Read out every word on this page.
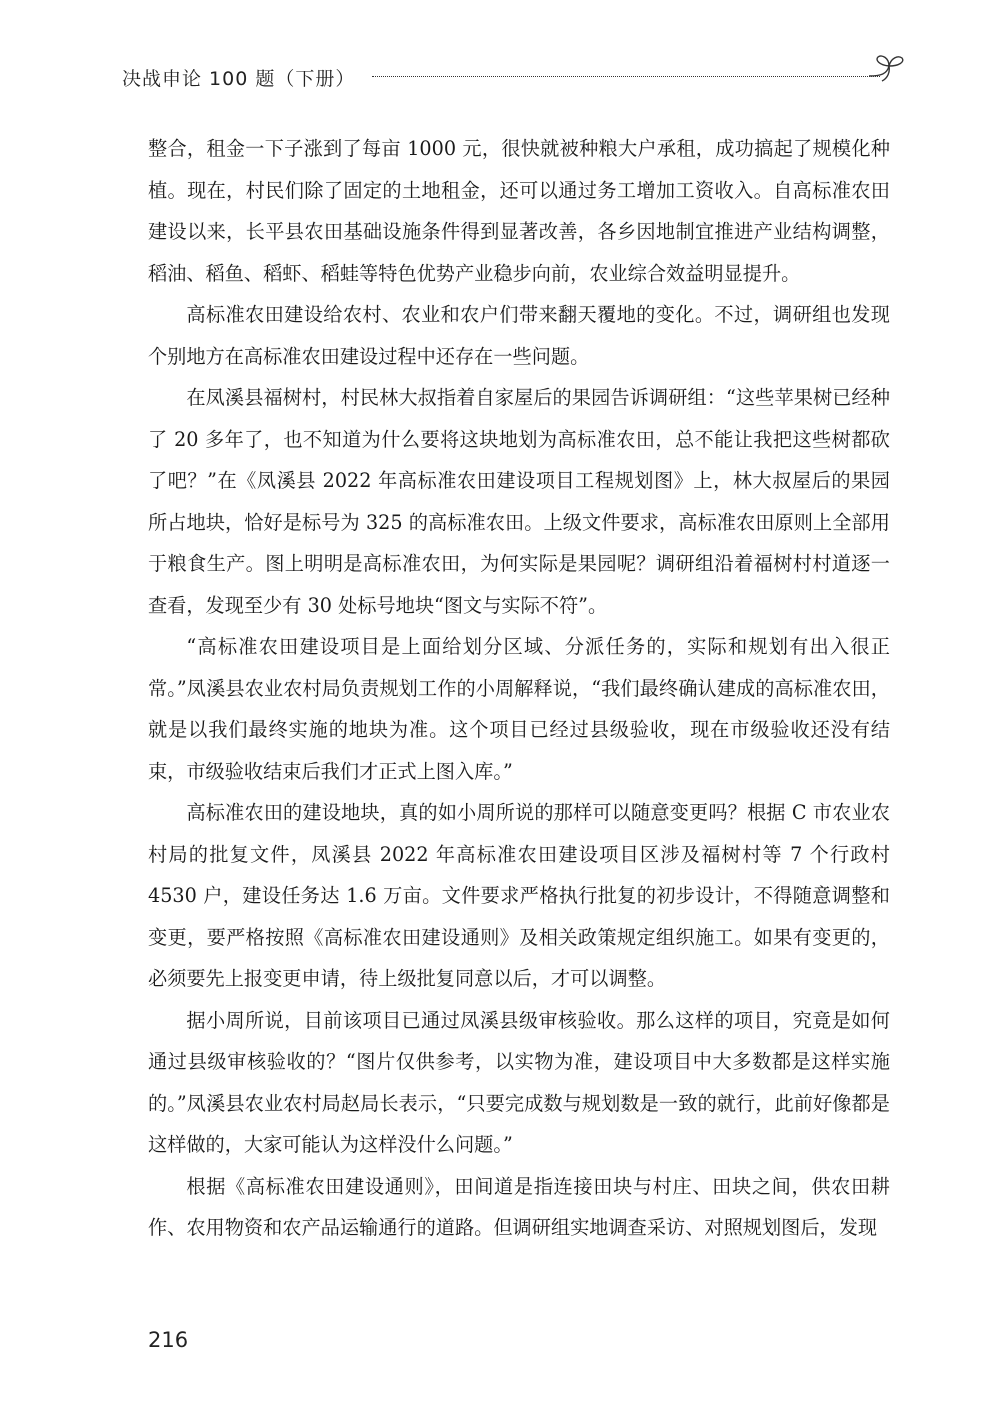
决战申论 100 题（下册）

整合，租金一下子涨到了每亩 1000 元，很快就被种粮大户承租，成功搞起了规模化种植。现在，村民们除了固定的土地租金，还可以通过务工增加工资收入。自高标准农田建设以来，长平县农田基础设施条件得到显著改善，各乡因地制宜推进产业结构调整，稻油、稻鱼、稻虾、稻蛙等特色优势产业稳步向前，农业综合效益明显提升。

高标准农田建设给农村、农业和农户们带来翻天覆地的变化。不过，调研组也发现个别地方在高标准农田建设过程中还存在一些问题。

在凤溪县福树村，村民林大叔指着自家屋后的果园告诉调研组：“这些苹果树已经种了 20 多年了，也不知道为什么要将这块地划为高标准农田，总不能让我把这些树都砍了吧？”在《凤溪县 2022 年高标准农田建设项目工程规划图》上，林大叔屋后的果园所占地块，恰好是标号为 325 的高标准农田。上级文件要求，高标准农田原则上全部用于粮食生产。图上明明是高标准农田，为何实际是果园呢？调研组沿着福树村村道逐一查看，发现至少有 30 处标号地块“图文与实际不符”。

“高标准农田建设项目是上面给划分区域、分派任务的，实际和规划有出入很正常。”凤溪县农业农村局负责规划工作的小周解释说，“我们最终确认建成的高标准农田，就是以我们最终实施的地块为准。这个项目已经过县级验收，现在市级验收还没有结束，市级验收结束后我们才正式上图入库。”

高标准农田的建设地块，真的如小周所说的那样可以随意变更吗？根据 C 市农业农村局的批复文件，凤溪县 2022 年高标准农田建设项目区涉及福树村等 7 个行政村 4530 户，建设任务达 1.6 万亩。文件要求严格执行批复的初步设计，不得随意调整和变更，要严格按照《高标准农田建设通则》及相关政策规定组织施工。如果有变更的，必须要先上报变更申请，待上级批复同意以后，才可以调整。

据小周所说，目前该项目已通过凤溪县级审核验收。那么这样的项目，究竟是如何通过县级审核验收的？“图片仅供参考，以实物为准，建设项目中大多数都是这样实施的。”凤溪县农业农村局赵局长表示，“只要完成数与规划数是一致的就行，此前好像都是这样做的，大家可能认为这样没什么问题。”

根据《高标准农田建设通则》，田间道是指连接田块与村庄、田块之间，供农田耕作、农用物资和农产品运输通行的道路。但调研组实地调查采访、对照规划图后，发现

216
